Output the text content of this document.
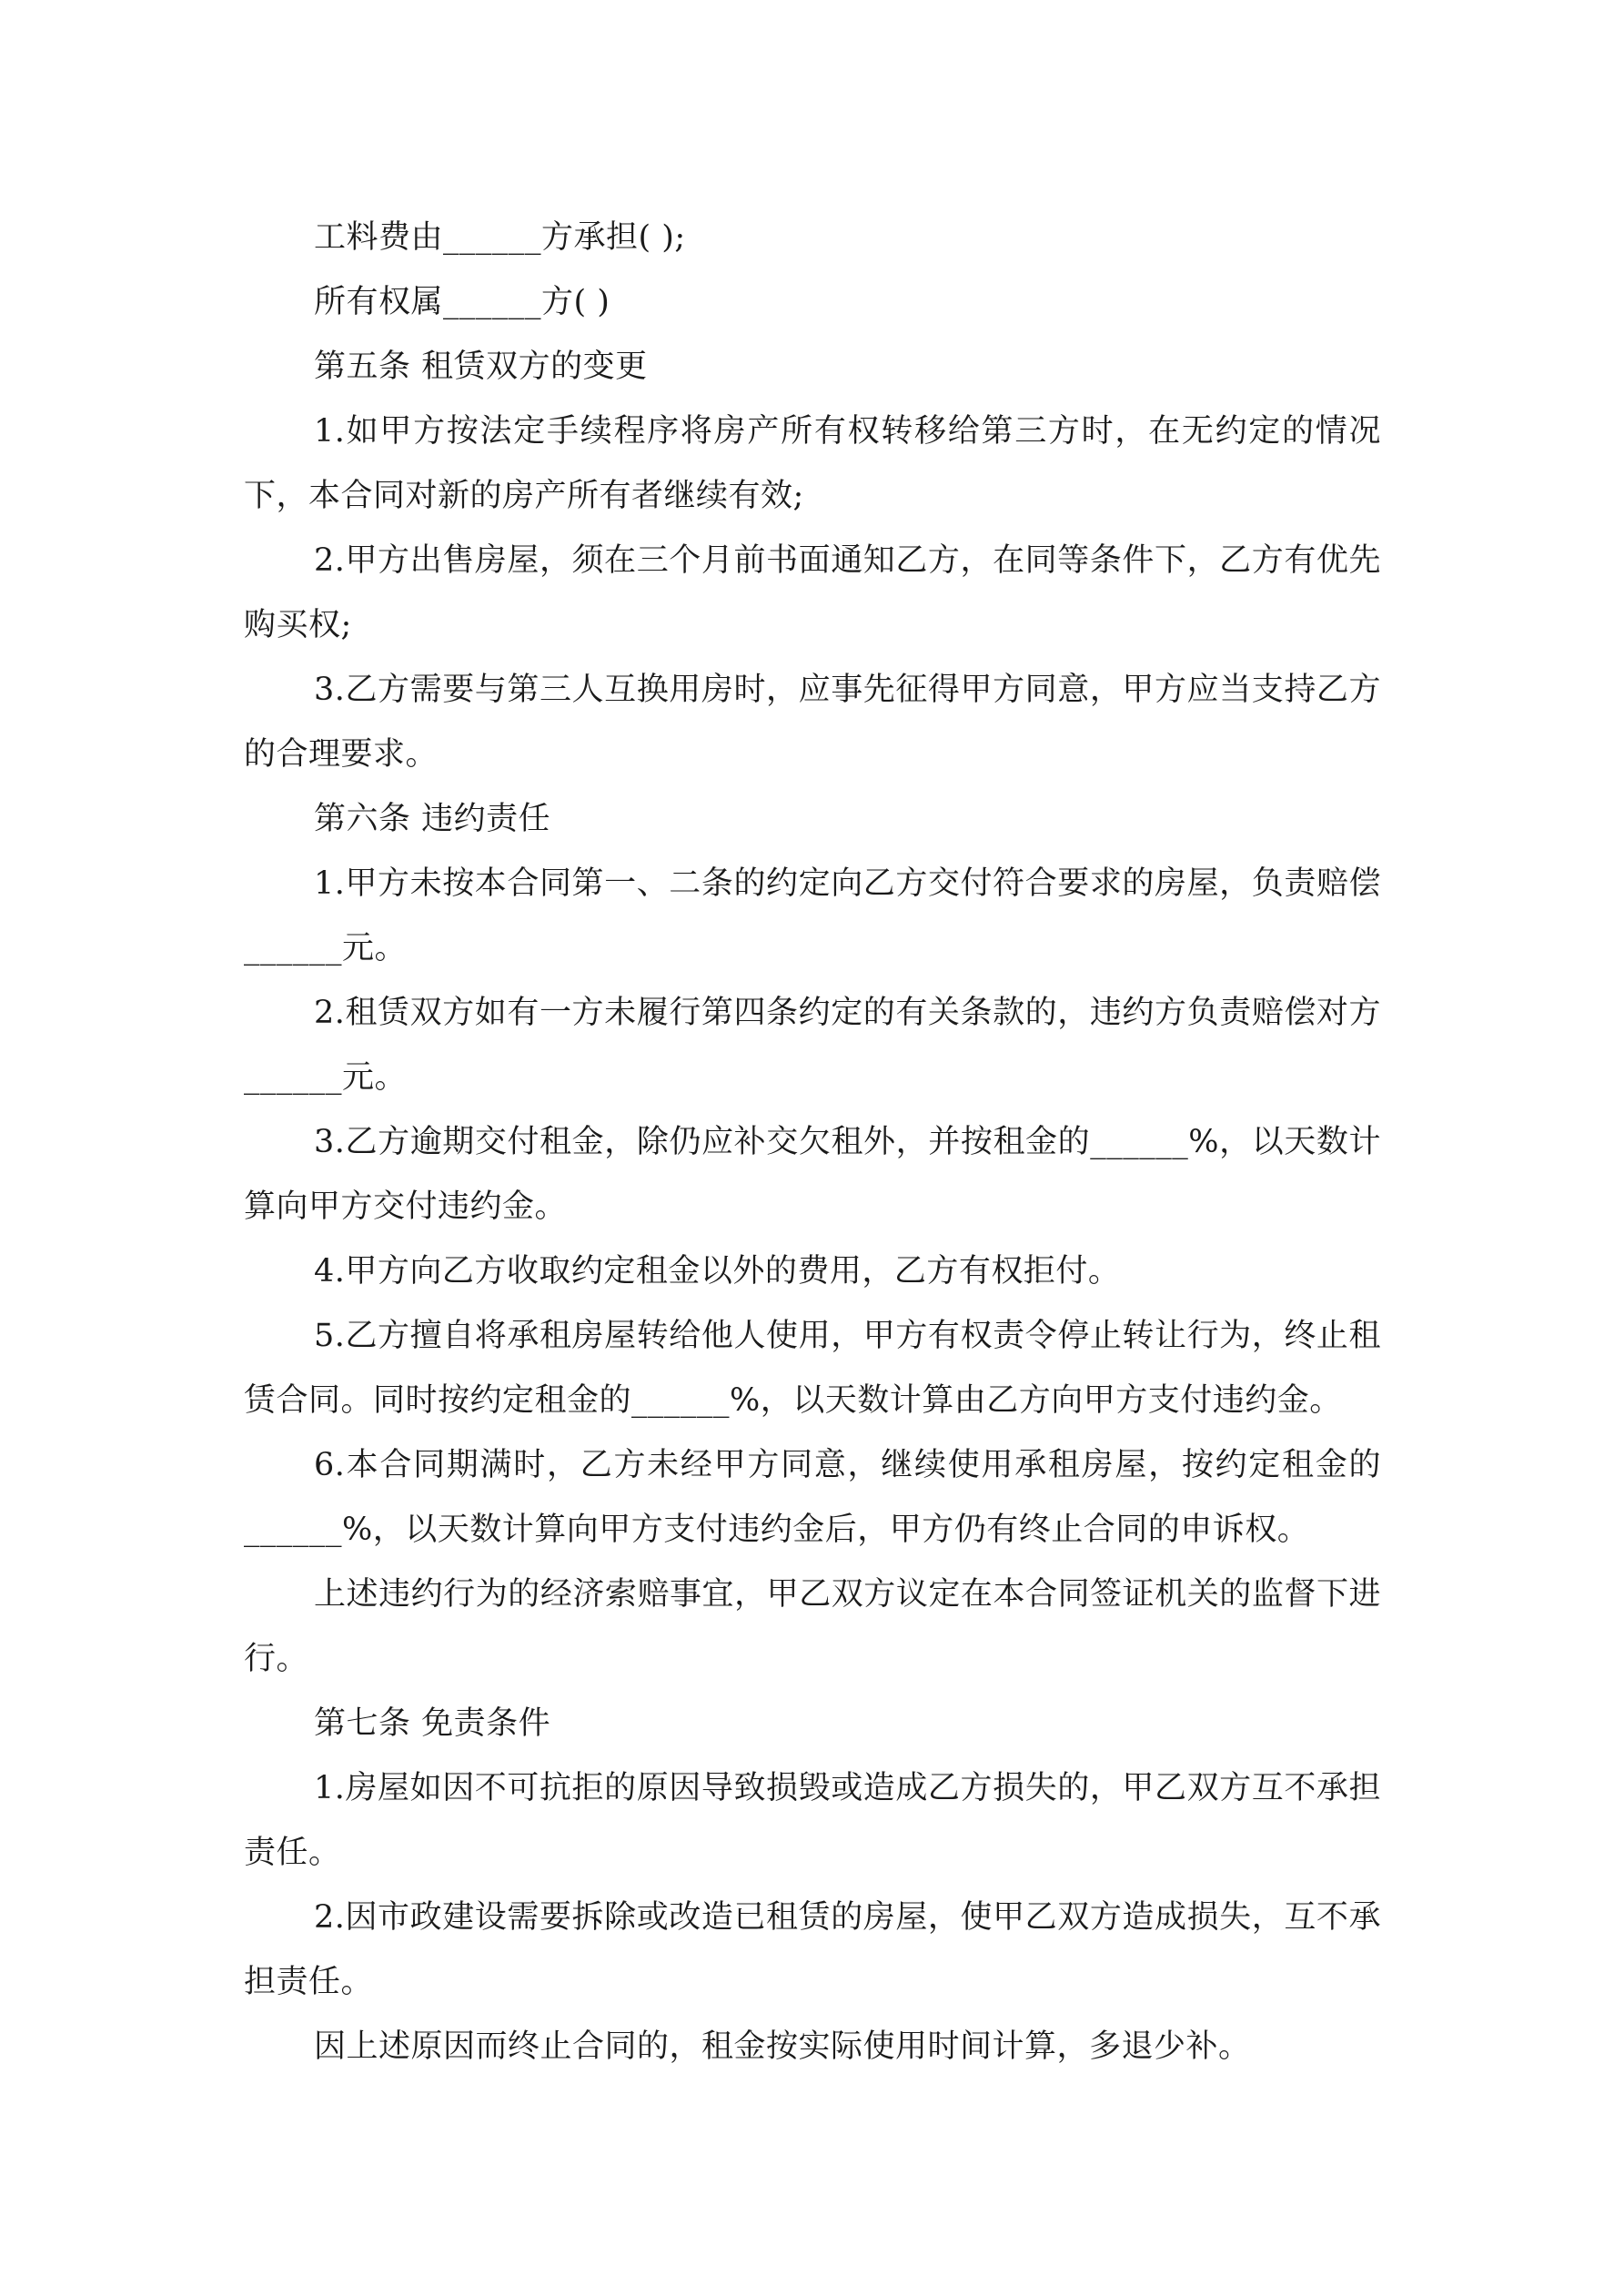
工料费由______方承担( );

所有权属______方( )

第五条 租赁双方的变更

1.如甲方按法定手续程序将房产所有权转移给第三方时，在无约定的情况下，本合同对新的房产所有者继续有效;

2.甲方出售房屋，须在三个月前书面通知乙方，在同等条件下，乙方有优先购买权;

3.乙方需要与第三人互换用房时，应事先征得甲方同意，甲方应当支持乙方的合理要求。

第六条 违约责任

1.甲方未按本合同第一、二条的约定向乙方交付符合要求的房屋，负责赔偿______元。

2.租赁双方如有一方未履行第四条约定的有关条款的，违约方负责赔偿对方______元。

3.乙方逾期交付租金，除仍应补交欠租外，并按租金的______%，以天数计算向甲方交付违约金。

4.甲方向乙方收取约定租金以外的费用，乙方有权拒付。

5.乙方擅自将承租房屋转给他人使用，甲方有权责令停止转让行为，终止租赁合同。同时按约定租金的______%，以天数计算由乙方向甲方支付违约金。

6.本合同期满时，乙方未经甲方同意，继续使用承租房屋，按约定租金的______%，以天数计算向甲方支付违约金后，甲方仍有终止合同的申诉权。

上述违约行为的经济索赔事宜，甲乙双方议定在本合同签证机关的监督下进行。

第七条 免责条件

1.房屋如因不可抗拒的原因导致损毁或造成乙方损失的，甲乙双方互不承担责任。

2.因市政建设需要拆除或改造已租赁的房屋，使甲乙双方造成损失，互不承担责任。

因上述原因而终止合同的，租金按实际使用时间计算，多退少补。
